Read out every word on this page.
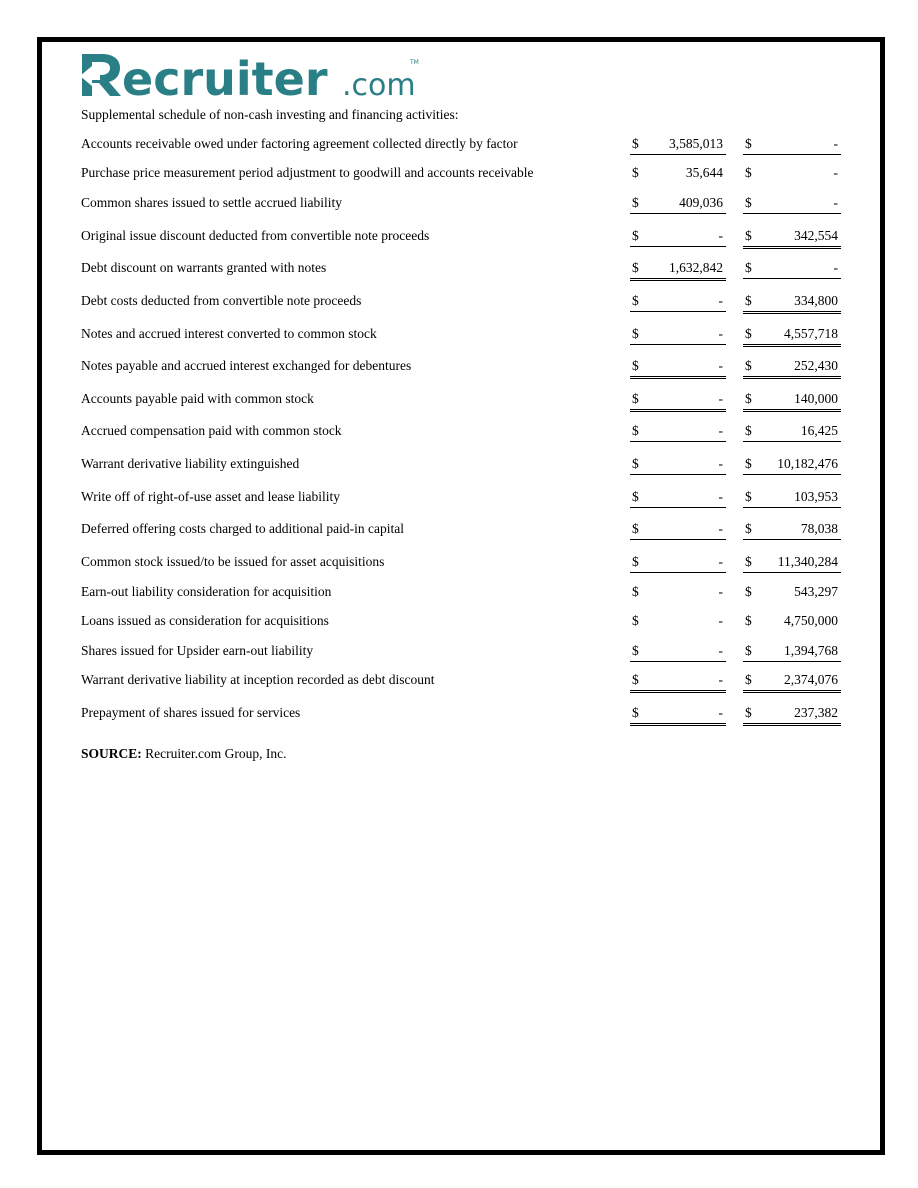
ecruiter .com
TM
Supplemental schedule of non-cash investing and financing activities:
Accounts receivable owed under factoring agreement collected directly by factor	$ 3,585,013 $	-
Purchase price measurement period adjustment to goodwill and accounts receivable	$	35,644 $	-
Common shares issued to settle accrued liability	$	409,036 $	-
Original issue discount deducted from convertible note proceeds	$	- $	342,554
Debt discount on warrants granted with notes	$ 1,632,842 $	-
Debt costs deducted from convertible note proceeds	$	- $	334,800
Notes and accrued interest converted to common stock	$	- $ 4,557,718
Notes payable and accrued interest exchanged for debentures	$	- $	252,430
Accounts payable paid with common stock	$	- $	140,000
Accrued compensation paid with common stock	$	- $	16,425
Warrant derivative liability extinguished	$	- $ 10,182,476
Write off of right-of-use asset and lease liability	$	- $	103,953
Deferred offering costs charged to additional paid-in capital	$	- $	78,038
Common stock issued/to be issued for asset acquisitions	$	- $ 11,340,284
Earn-out liability consideration for acquisition	$	- $	543,297
Loans issued as consideration for acquisitions	$	- $ 4,750,000
Shares issued for Upsider earn-out liability	$	- $ 1,394,768
Warrant derivative liability at inception recorded as debt discount	$	- $ 2,374,076
Prepayment of shares issued for services	$	- $	237,382
SOURCE: Recruiter.com Group, Inc.
